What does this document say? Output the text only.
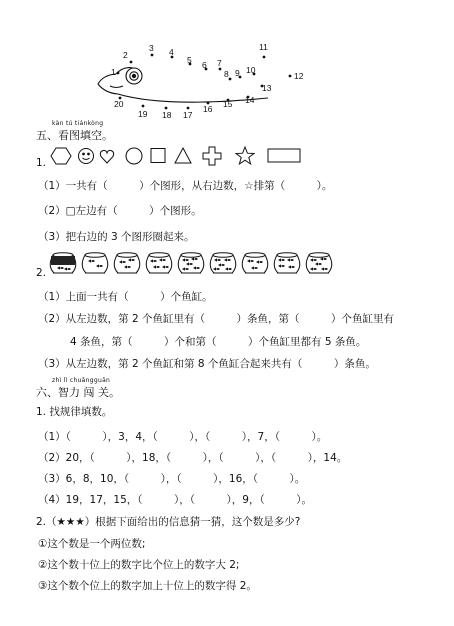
1
2
3 4
5 6 7
8 9 10
11
12
13
14
15
16
17
18
19
20
kàn tú tiánkòng
五、看图填空。
1.
（1）一共有（　　　）个图形，从右边数，☆排第（　　　）。
（2）□左边有（　　　）个图形。
（3）把右边的 3 个图形圈起来。
2.
（1）上面一共有（　　　）个鱼缸。
（2）从左边数，第 2 个鱼缸里有（　　　）条鱼，第（　　　）个鱼缸里有
4 条鱼，第（　　　）个和第（　　　）个鱼缸里都有 5 条鱼。
（3）从左边数，第 2 个鱼缸和第 8 个鱼缸合起来共有（　　　）条鱼。
zhì lì chuǎngguān
六、智力 闯 关。
1. 找规律填数。
（1）（　　　），3，4，（　　　），（　　　），7，（　　　）。
（2）20，（　　　），18，（　　　），（　　　），（　　　），14。
（3）6，8，10，（　　　），（　　　），16，（　　　）。
（4）19，17，15，（　　　），（　　　），9，（　　　）。
2.（★★★）根据下面给出的信息猜一猜，这个数是多少?
①这个数是一个两位数;
②这个数十位上的数字比个位上的数字大 2;
③这个数个位上的数字加上十位上的数字得 2。
